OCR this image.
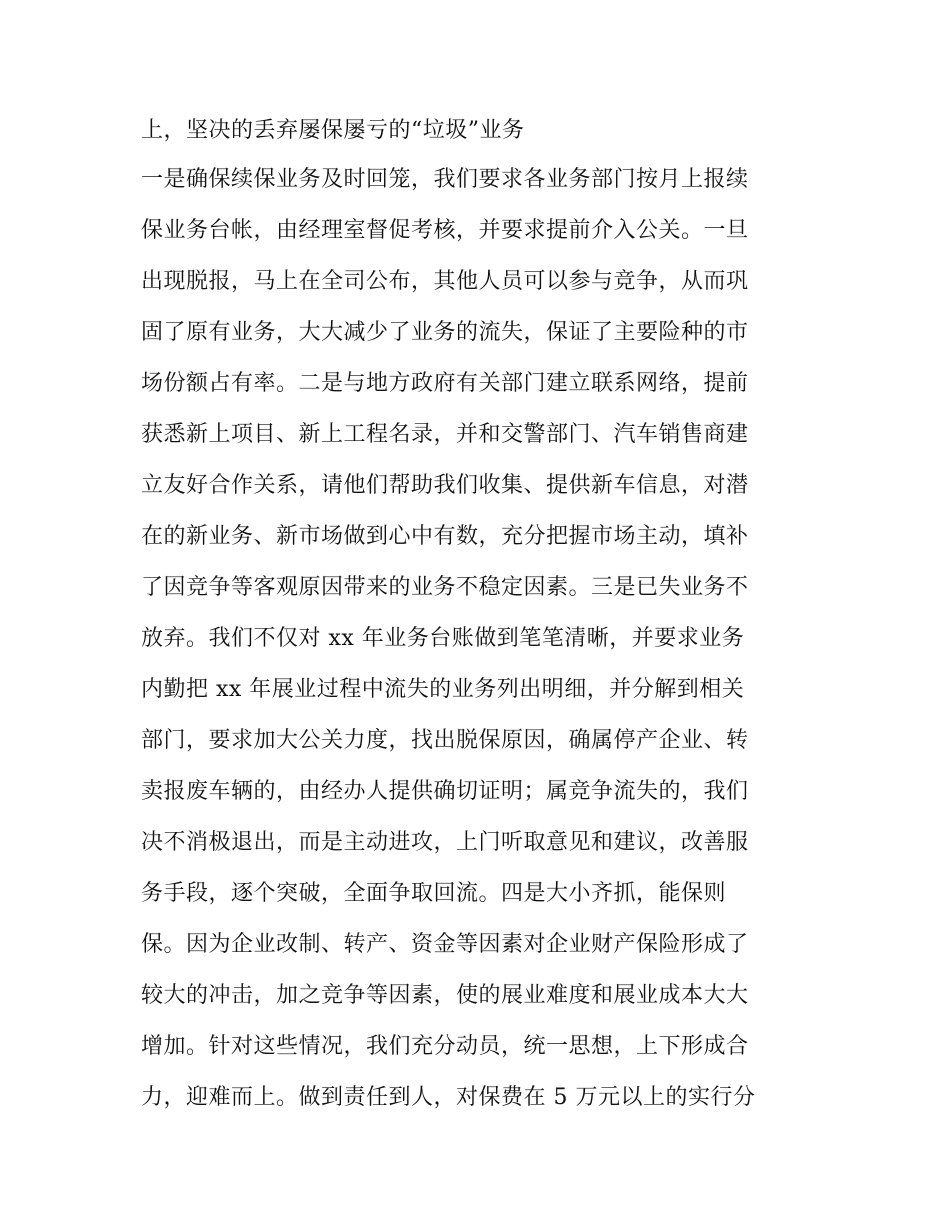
上，坚决的丢弃屡保屡亏的“垃圾”业务
一是确保续保业务及时回笼，我们要求各业务部门按月上报续
保业务台帐，由经理室督促考核，并要求提前介入公关。一旦
出现脱报，马上在全司公布，其他人员可以参与竞争，从而巩
固了原有业务，大大减少了业务的流失，保证了主要险种的市
场份额占有率。二是与地方政府有关部门建立联系网络，提前
获悉新上项目、新上工程名录，并和交警部门、汽车销售商建
立友好合作关系，请他们帮助我们收集、提供新车信息，对潜
在的新业务、新市场做到心中有数，充分把握市场主动，填补
了因竞争等客观原因带来的业务不稳定因素。三是已失业务不
放弃。我们不仅对 xx 年业务台账做到笔笔清晰，并要求业务
内勤把 xx 年展业过程中流失的业务列出明细，并分解到相关
部门，要求加大公关力度，找出脱保原因，确属停产企业、转
卖报废车辆的，由经办人提供确切证明；属竞争流失的，我们
决不消极退出，而是主动进攻，上门听取意见和建议，改善服
务手段，逐个突破，全面争取回流。四是大小齐抓，能保则
保。因为企业改制、转产、资金等因素对企业财产保险形成了
较大的冲击，加之竞争等因素，使的展业难度和展业成本大大
增加。针对这些情况，我们充分动员，统一思想，上下形成合
力，迎难而上。做到责任到人，对保费在 5 万元以上的实行分
